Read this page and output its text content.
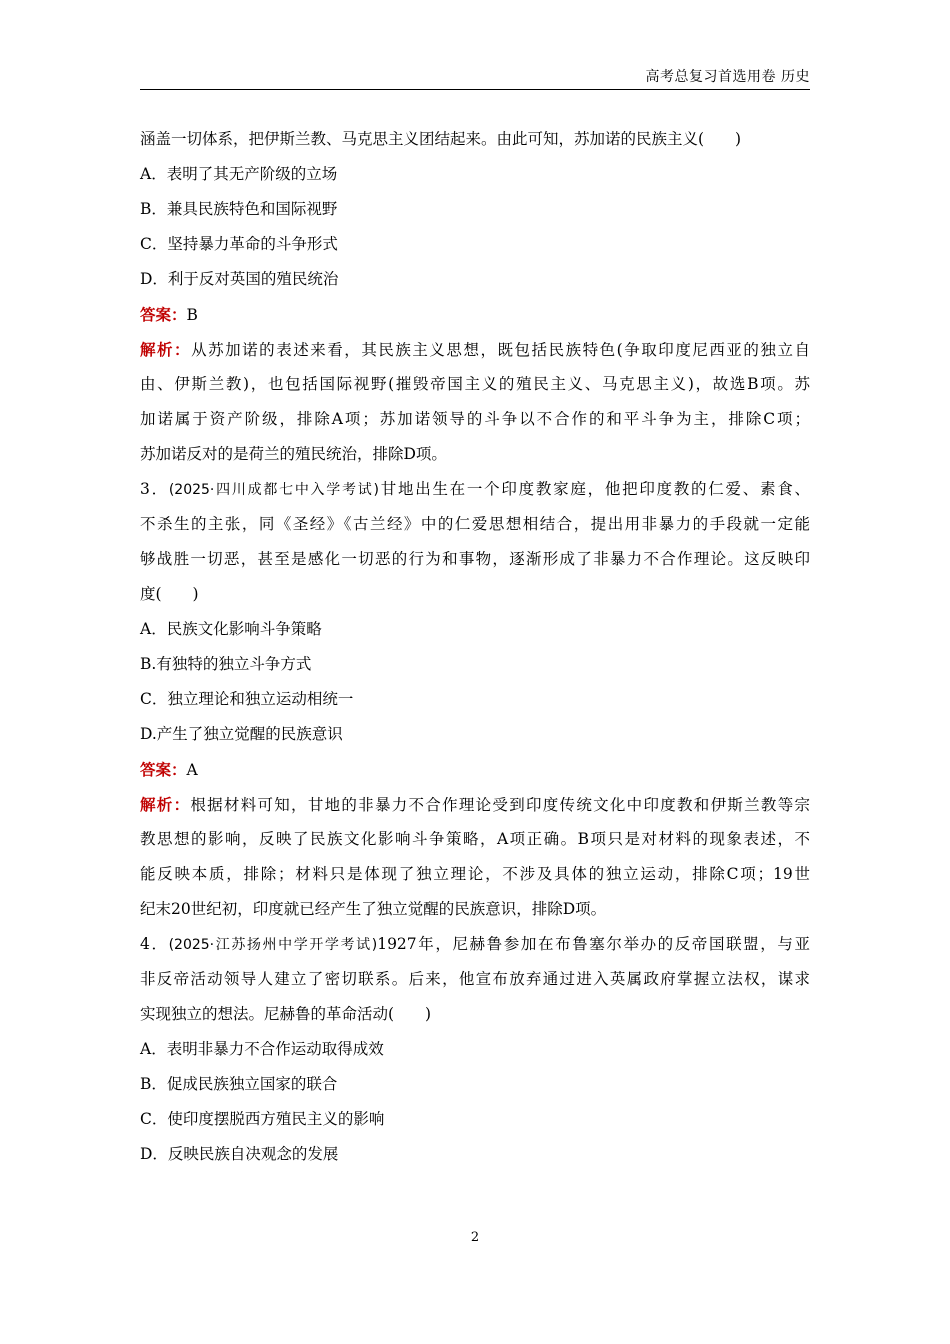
高考总复习首选用卷 历史
涵盖一切体系，把伊斯兰教、马克思主义团结起来。由此可知，苏加诺的民族主义(　　)
A．表明了其无产阶级的立场
B．兼具民族特色和国际视野
C．坚持暴力革命的斗争形式
D．利于反对英国的殖民统治
答案：B
解析：从苏加诺的表述来看，其民族主义思想，既包括民族特色(争取印度尼西亚的独立自
由、伊斯兰教)，也包括国际视野(摧毁帝国主义的殖民主义、马克思主义)，故选B项。苏
加诺属于资产阶级，排除A项；苏加诺领导的斗争以不合作的和平斗争为主，排除C项；
苏加诺反对的是荷兰的殖民统治，排除D项。
3．(2025·四川成都七中入学考试)甘地出生在一个印度教家庭，他把印度教的仁爱、素食、
不杀生的主张，同《圣经》《古兰经》中的仁爱思想相结合，提出用非暴力的手段就一定能
够战胜一切恶，甚至是感化一切恶的行为和事物，逐渐形成了非暴力不合作理论。这反映印
度(　　)
A．民族文化影响斗争策略
B.有独特的独立斗争方式
C．独立理论和独立运动相统一
D.产生了独立觉醒的民族意识
答案：A
解析：根据材料可知，甘地的非暴力不合作理论受到印度传统文化中印度教和伊斯兰教等宗
教思想的影响，反映了民族文化影响斗争策略，A项正确。B项只是对材料的现象表述，不
能反映本质，排除；材料只是体现了独立理论，不涉及具体的独立运动，排除C项；19世
纪末20世纪初，印度就已经产生了独立觉醒的民族意识，排除D项。
4．(2025·江苏扬州中学开学考试)1927年，尼赫鲁参加在布鲁塞尔举办的反帝国联盟，与亚
非反帝活动领导人建立了密切联系。后来，他宣布放弃通过进入英属政府掌握立法权，谋求
实现独立的想法。尼赫鲁的革命活动(　　)
A．表明非暴力不合作运动取得成效
B．促成民族独立国家的联合
C．使印度摆脱西方殖民主义的影响
D．反映民族自决观念的发展
2
